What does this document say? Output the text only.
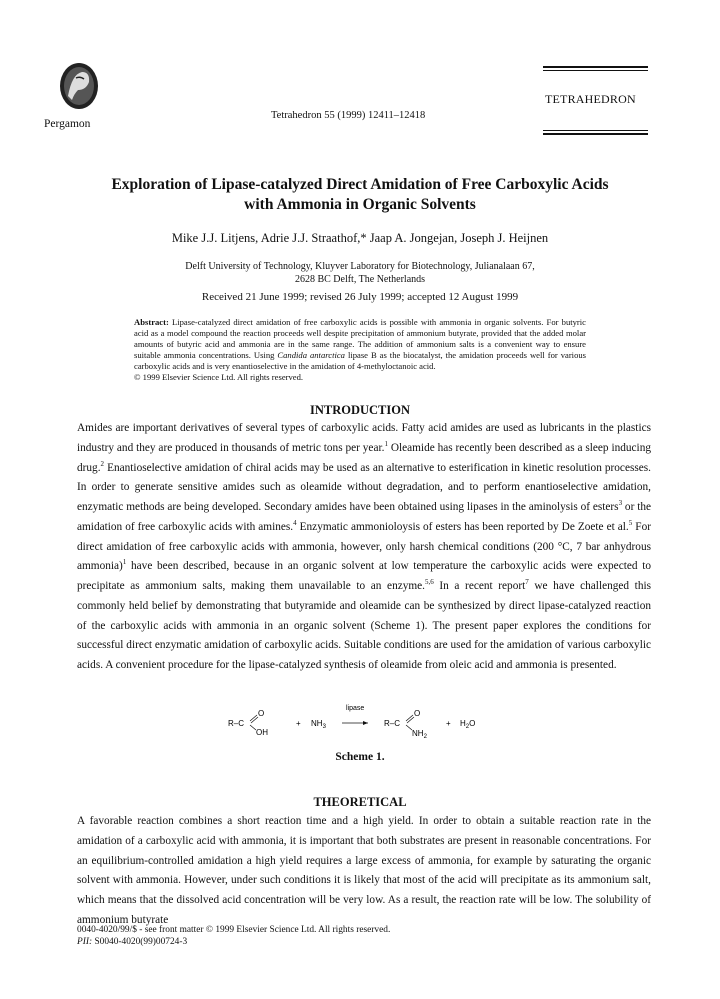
Pergamon
Tetrahedron 55 (1999) 12411–12418
TETRAHEDRON
Exploration of Lipase-catalyzed Direct Amidation of Free Carboxylic Acids
with Ammonia in Organic Solvents
Mike J.J. Litjens, Adrie J.J. Straathof,* Jaap A. Jongejan, Joseph J. Heijnen
Delft University of Technology, Kluyver Laboratory for Biotechnology, Julianalaan 67,
2628 BC Delft, The Netherlands
Received 21 June 1999; revised 26 July 1999; accepted 12 August 1999
Abstract: Lipase-catalyzed direct amidation of free carboxylic acids is possible with ammonia in organic solvents. For butyric acid as a model compound the reaction proceeds well despite precipitation of ammonium butyrate, provided that the added molar amounts of butyric acid and ammonia are in the same range. The addition of ammonium salts is a convenient way to ensure suitable ammonia concentrations. Using Candida antarctica lipase B as the biocatalyst, the amidation proceeds well for various carboxylic acids and is very enantioselective in the amidation of 4-methyloctanoic acid.
© 1999 Elsevier Science Ltd. All rights reserved.
INTRODUCTION

Amides are important derivatives of several types of carboxylic acids. Fatty acid amides are used as lubricants in the plastics industry and they are produced in thousands of metric tons per year.$^1$ Oleamide has recently been described as a sleep inducing drug.$^2$ Enantioselective amidation of chiral acids may be used as an alternative to esterification in kinetic resolution processes. In order to generate sensitive amides such as oleamide without degradation, and to perform enantioselective amidation, enzymatic methods are being developed. Secondary amides have been obtained using lipases in the aminolysis of esters$^3$ or the amidation of free carboxylic acids with amines.$^4$ Enzymatic ammonioloysis of esters has been reported by De Zoete et al.$^5$ For direct amidation of free carboxylic acids with ammonia, however, only harsh chemical conditions (200 °C, 7 bar anhydrous ammonia)$^1$ have been described, because in an organic solvent at low temperature the carboxylic acids were expected to precipitate as ammonium salts, making them unavailable to an enzyme.$^{5,6}$ In a recent report$^7$ we have challenged this commonly held belief by demonstrating that butyramide and oleamide can be synthesized by direct lipase-catalyzed reaction of the carboxylic acids with ammonia in an organic solvent (Scheme 1). The present paper explores the conditions for successful direct enzymatic amidation of carboxylic acids. Suitable conditions are used for the amidation of various carboxylic acids. A convenient procedure for the lipase-catalyzed synthesis of oleamide from oleic acid and ammonia is presented.

R–C
O
OH
+ $NH_3$
lipase
R–C
O
$NH_2$
+ $H_2O$
Scheme 1.
THEORETICAL

A favorable reaction combines a short reaction time and a high yield. In order to obtain a suitable reaction rate in the amidation of a carboxylic acid with ammonia, it is important that both substrates are present in reasonable concentrations. For an equilibrium-controlled amidation a high yield requires a large excess of ammonia, for example by saturating the organic solvent with ammonia. However, under such conditions it is likely that most of the acid will precipitate as its ammonium salt, which means that the dissolved acid concentration will be very low. As a result, the reaction rate will be low. The solubility of ammonium butyrate

0040-4020/99/$ - see front matter © 1999 Elsevier Science Ltd. All rights reserved.
PII: S0040-4020(99)00724-3
